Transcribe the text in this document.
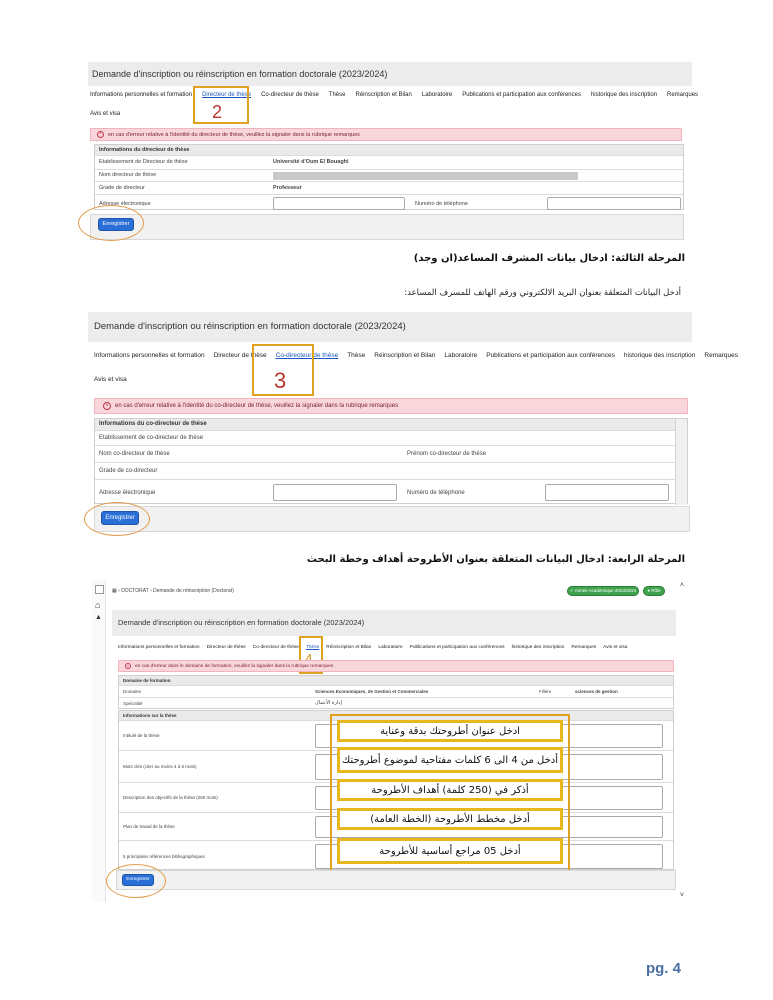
Demande d'inscription ou réinscription en formation doctorale (2023/2024)
Informations personnelles et formation Directeur de thèse Co-directeur de thèse Thèse Réinscription et Bilan Laboratoire Publications et participation aux conférences historique des inscription Remarques
Avis et visa	2
×	en cas d'erreur relative à l'identité du directeur de thèse, veuillez la signaler dans la rubrique remarques
Informations du directeur de thèse
Etablissement de Directeur de thèse	Université d'Oum El Bouaghi
Nom directeur de thèse
Grade de directeur	Professeur
Adresse électronique	Numéro de téléphone
Enregistrer
المرحلة الثالثة: ادخال بيانات المشرف المساعد(ان وجد)
أدخل البيانات المتعلقة بعنوان البريد الالكتروني ورقم الهاتف للمسرف المساعد:
Demande d'inscription ou réinscription en formation doctorale (2023/2024)
Informations personnelles et formation Directeur de thèse Co-directeur de thèse Thèse Réinscription et Bilan Laboratoire Publications et participation aux conférences historique des inscription Remarques
Avis et visa	3
×	en cas d'erreur relative à l'identité du co-directeur de thèse, veuillez la signaler dans la rubrique remarques
Informations du co-directeur de thèse
Etablissement de co-directeur de thèse
Nom co-directeur de thèse	Prénom co-directeur de thèse
Grade de co-directeur
Adresse électronique	Numéro de téléphone
Enregistrer
المرحلة الرابعة: ادخال البيانات المتعلقة بعنوان الأطروحة أهداف وخطة البحث
⌂
▲
˄
˅
▦ › DOCTORAT › Demande de réinscription (Doctorat)	✓ Année Académique 2023/2024	● Rôle
Demande d'inscription ou réinscription en formation doctorale (2023/2024)
Informations personnelles et formation Directeur de thèse Co-directeur de thèse Thèse Réinscription et Bilan Laboratoire Publications et participation aux conférences historique des inscription Remarques Avis et visa
×	en cas d'erreur dans le domaine de formation, veuillez la signaler dans la rubrique remarques
Domaine de formation
Domaine	Sciences Economiques, de Gestion et Commerciales	Filière	sciences de gestion
Spécialité	إدارة الأعمال
Informations sur la thèse
Intitulé de la thèse
Mots clés (citer au moins 4 à 6 mots)
Description des objectifs de la thèse (250 mots)
Plan de travail de la thèse
5 principales références bibliographiques
ادخل عنوان أطروحتك بدقة وعناية
أدخل من 4 الى 6 كلمات مفتاحية لموضوع أطروحتك
أذكر في (250 كلمة) أهداف الأطروحة
أدخل مخطط الأطروحة (الخطة العامة)
أدخل 05 مراجع أساسية للأطروحة
Enregistrer
pg. 4
